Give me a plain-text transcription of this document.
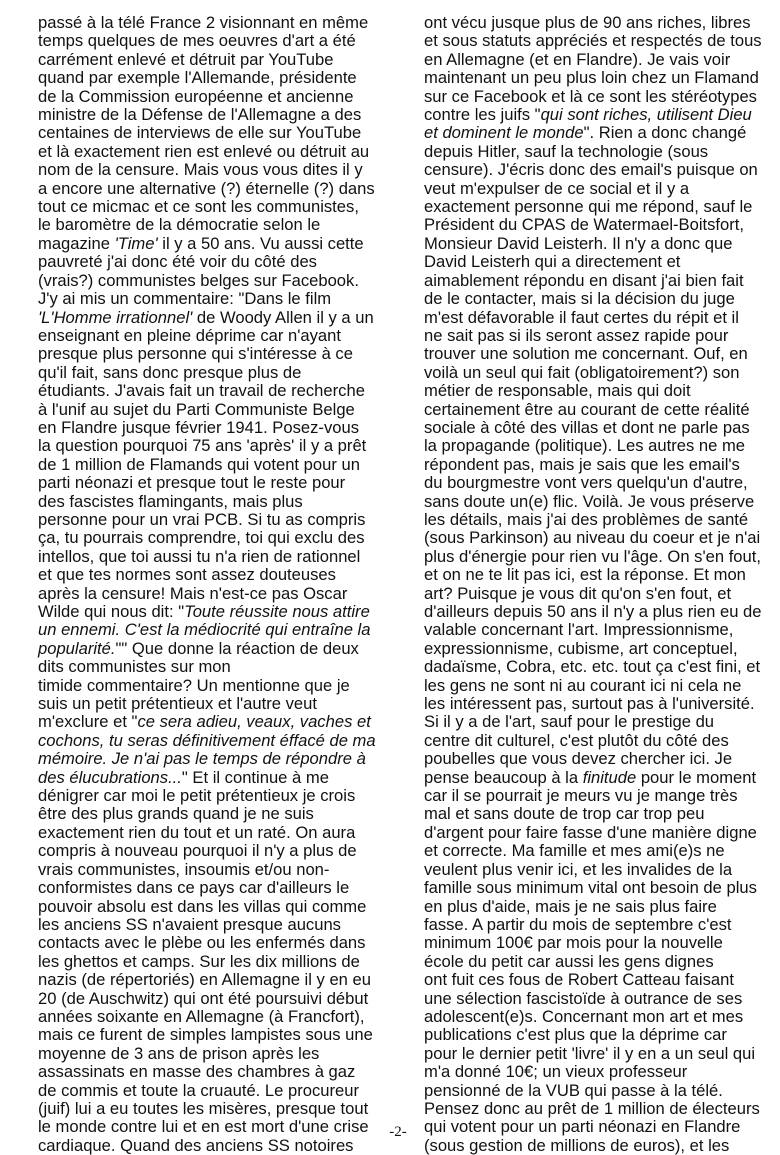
passé à la télé France 2 visionnant en même
temps quelques de mes oeuvres d'art a été
carrément enlevé et détruit par YouTube
quand par exemple l'Allemande, présidente
de la Commission européenne et ancienne
ministre de la Défense de l'Allemagne a des
centaines de interviews de elle sur YouTube
et là exactement rien est enlevé ou détruit au
nom de la censure. Mais vous vous dites il y
a encore une alternative (?) éternelle (?) dans
tout ce micmac et ce sont les communistes,
le baromètre de la démocratie selon le
magazine 'Time' il y a 50 ans. Vu aussi cette
pauvreté j'ai donc été voir du côté des
(vrais?) communistes belges sur Facebook.
J'y ai mis un commentaire: "Dans le film
'L'Homme irrationnel' de Woody Allen il y a un
enseignant en pleine déprime car n'ayant
presque plus personne qui s'intéresse à ce
qu'il fait, sans donc presque plus de
étudiants. J'avais fait un travail de recherche
à l'unif au sujet du Parti Communiste Belge
en Flandre jusque février 1941. Posez-vous
la question pourquoi 75 ans 'après' il y a prêt
de 1 million de Flamands qui votent pour un
parti néonazi et presque tout le reste pour
des fascistes flamingants, mais plus
personne pour un vrai PCB. Si tu as compris
ça, tu pourrais comprendre, toi qui exclu des
intellos, que toi aussi tu n'a rien de rationnel
et que tes normes sont assez douteuses
après la censure! Mais n'est-ce pas Oscar
Wilde qui nous dit: "Toute réussite nous attire
un ennemi. C'est la médiocrité qui entraîne la
popularité."" Que donne la réaction de deux
dits communistes sur mon
timide commentaire? Un mentionne que je
suis un petit prétentieux et l'autre veut
m'exclure et "ce sera adieu, veaux, vaches et
cochons, tu seras définitivement éffacé de ma
mémoire. Je n'ai pas le temps de répondre à
des élucubrations..." Et il continue à me
dénigrer car moi le petit prétentieux je crois
être des plus grands quand je ne suis
exactement rien du tout et un raté. On aura
compris à nouveau pourquoi il n'y a plus de
vrais communistes, insoumis et/ou non-
conformistes dans ce pays car d'ailleurs le
pouvoir absolu est dans les villas qui comme
les anciens SS n'avaient presque aucuns
contacts avec le plèbe ou les enfermés dans
les ghettos et camps. Sur les dix millions de
nazis (de répertoriés) en Allemagne il y en eu
20 (de Auschwitz) qui ont été poursuivi début
années soixante en Allemagne (à Francfort),
mais ce furent de simples lampistes sous une
moyenne de 3 ans de prison après les
assassinats en masse des chambres à gaz
de commis et toute la cruauté. Le procureur
(juif) lui a eu toutes les misères, presque tout
le monde contre lui et en est mort d'une crise
cardiaque. Quand des anciens SS notoires
ont vécu jusque plus de 90 ans riches, libres
et sous statuts appréciés et respectés de tous
en Allemagne (et en Flandre). Je vais voir
maintenant un peu plus loin chez un Flamand
sur ce Facebook et là ce sont les stéréotypes
contre les juifs "qui sont riches, utilisent Dieu
et dominent le monde". Rien a donc changé
depuis Hitler, sauf la technologie (sous
censure). J'écris donc des email's puisque on
veut m'expulser de ce social et il y a
exactement personne qui me répond, sauf le
Président du CPAS de Watermael-Boitsfort,
Monsieur David Leisterh. Il n'y a donc que
David Leisterh qui a directement et
aimablement répondu en disant j'ai bien fait
de le contacter, mais si la décision du juge
m'est défavorable il faut certes du répit et il
ne sait pas si ils seront assez rapide pour
trouver une solution me concernant. Ouf, en
voilà un seul qui fait (obligatoirement?) son
métier de responsable, mais qui doit
certainement être au courant de cette réalité
sociale à côté des villas et dont ne parle pas
la propagande (politique). Les autres ne me
répondent pas, mais je sais que les email's
du bourgmestre vont vers quelqu'un d'autre,
sans doute un(e) flic. Voilà. Je vous préserve
les détails, mais j'ai des problèmes de santé
(sous Parkinson) au niveau du coeur et je n'ai
plus d'énergie pour rien vu l'âge. On s'en fout,
et on ne te lit pas ici, est la réponse. Et mon
art? Puisque je vous dit qu'on s'en fout, et
d'ailleurs depuis 50 ans il n'y a plus rien eu de
valable concernant l'art. Impressionnisme,
expressionnisme, cubisme, art conceptuel,
dadaïsme, Cobra, etc. etc. tout ça c'est fini, et
les gens ne sont ni au courant ici ni cela ne
les intéressent pas, surtout pas à l'université.
Si il y a de l'art, sauf pour le prestige du
centre dit culturel, c'est plutôt du côté des
poubelles que vous devez chercher ici. Je
pense beaucoup à la finitude pour le moment
car il se pourrait je meurs vu je mange très
mal et sans doute de trop car trop peu
d'argent pour faire fasse d'une manière digne
et correcte. Ma famille et mes ami(e)s ne
veulent plus venir ici, et les invalides de la
famille sous minimum vital ont besoin de plus
en plus d'aide, mais je ne sais plus faire
fasse. A partir du mois de septembre c'est
minimum 100€ par mois pour la nouvelle
école du petit car aussi les gens dignes
ont fuit ces fous de Robert Catteau faisant
une sélection fascistoïde à outrance de ses
adolescent(e)s. Concernant mon art et mes
publications c'est plus que la déprime car
pour le dernier petit 'livre' il y en a un seul qui
m'a donné 10€; un vieux professeur
pensionné de la VUB qui passe à la télé.
Pensez donc au prêt de 1 million de électeurs
qui votent pour un parti néonazi en Flandre
(sous gestion de millions de euros), et les
-2-
